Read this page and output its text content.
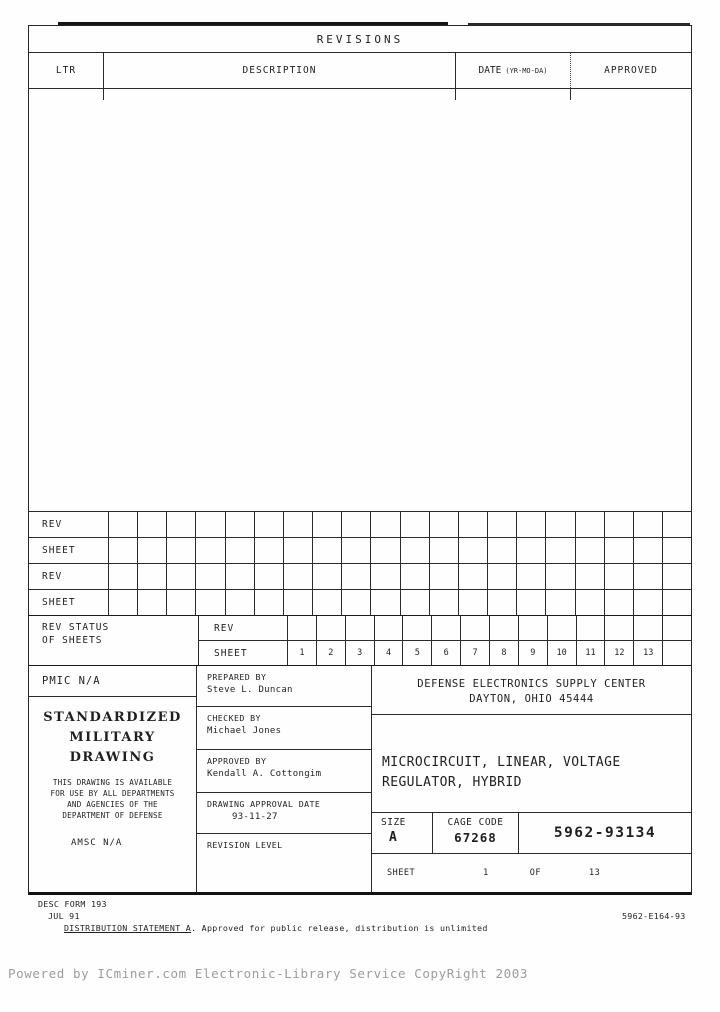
REVISIONS
LTR	DESCRIPTION	DATE (YR-MO-DA)	APPROVED
REV
SHEET
REV
SHEET
REV STATUS
OF SHEETS
REV
SHEET	1	2	3	4	5	6	7	8	9	10	11	12	13
PMIC N/A
STANDARDIZED
MILITARY
DRAWING
THIS DRAWING IS AVAILABLE
FOR USE BY ALL DEPARTMENTS
AND AGENCIES OF THE
DEPARTMENT OF DEFENSE
AMSC N/A
PREPARED BY
Steve L. Duncan
CHECKED BY
Michael Jones
APPROVED BY
Kendall A. Cottongim
DRAWING APPROVAL DATE
93-11-27
REVISION LEVEL
DEFENSE ELECTRONICS SUPPLY CENTER
DAYTON, OHIO 45444
MICROCIRCUIT, LINEAR, VOLTAGE
REGULATOR, HYBRID
SIZE
A
CAGE CODE
67268	5962-93134
SHEET	1	OF	13
DESC FORM 193
JUL 91	5962-E164-93
DISTRIBUTION STATEMENT A. Approved for public release, distribution is unlimited
Powered by ICminer.com Electronic-Library Service CopyRight 2003
